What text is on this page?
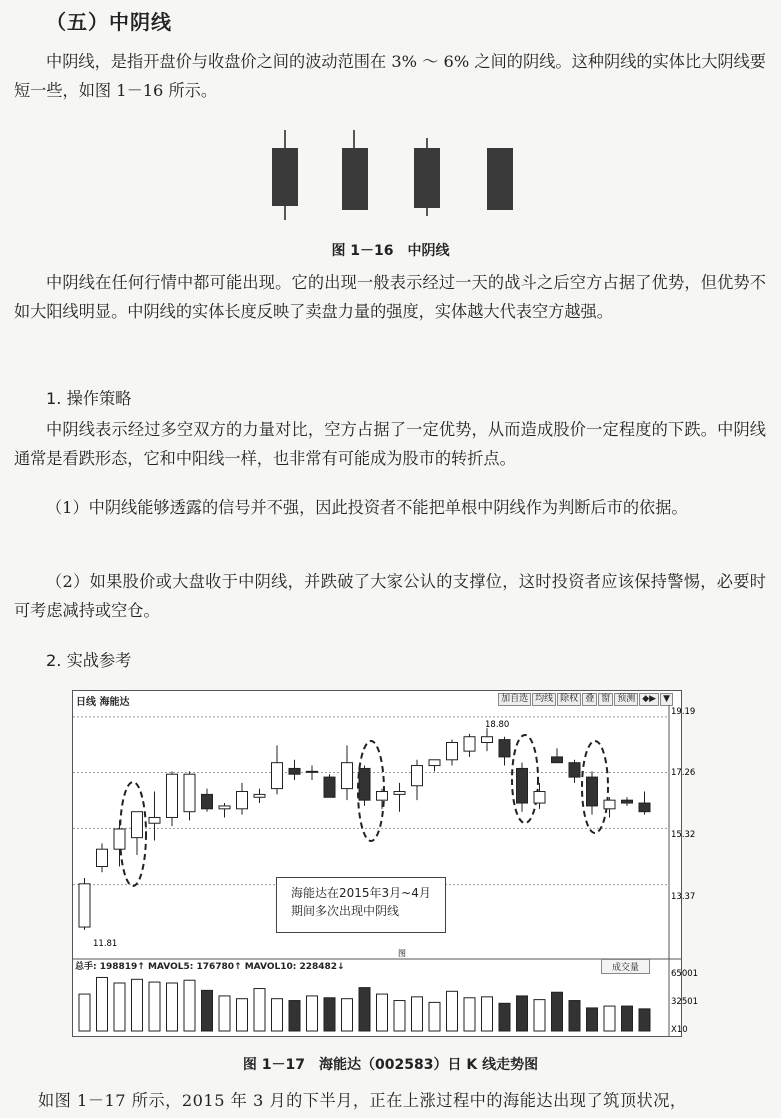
（五）中阴线

中阴线，是指开盘价与收盘价之间的波动范围在 3% ～ 6% 之间的阴线。这种阴线的实体比大阴线要短一些，如图 1－16 所示。

图 1－16　中阴线

中阴线在任何行情中都可能出现。它的出现一般表示经过一天的战斗之后空方占据了优势，但优势不如大阳线明显。中阴线的实体长度反映了卖盘力量的强度，实体越大代表空方越强。

1. 操作策略

中阴线表示经过多空双方的力量对比，空方占据了一定优势，从而造成股价一定程度的下跌。中阴线通常是看跌形态，它和中阳线一样，也非常有可能成为股市的转折点。

（1）中阴线能够透露的信号并不强，因此投资者不能把单根中阴线作为判断后市的依据。

（2）如果股价或大盘收于中阴线，并跌破了大家公认的支撑位，这时投资者应该保持警惕，必要时可考虑减持或空仓。

2. 实战参考
日线 海能达	加自选 均线 除权 叠 窗 预测 ◆▶ ▼
19.19
17.26
15.32
13.37
18.80
11.81
图
65001
32501
X10
总手: 198819↑ MAVOL5: 176780↑ MAVOL10: 228482↓	成交量
海能达在2015年3月~4月
期间多次出现中阴线
图 1－17　海能达（002583）日 K 线走势图

如图 1－17 所示，2015 年 3 月的下半月，正在上涨过程中的海能达出现了筑顶状况，
